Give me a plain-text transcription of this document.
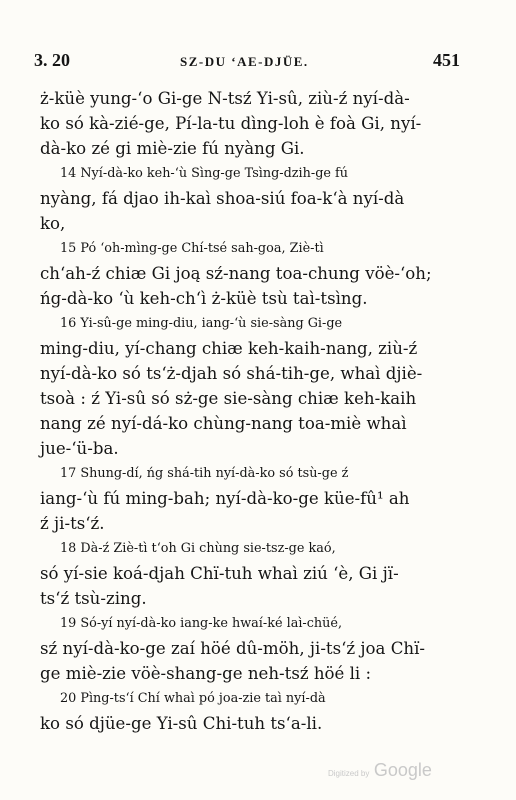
3. 20	SZ-DU ‘AE-DJÜE.	451
ż-küè yung-‘o Gi-ge N-tsź Yi-sû, ziù-ź nyí-dà-
ko só kà-zié-ge, Pí-la-tu dìng-loh è foà Gi, nyí-
dà-ko zé gi miè-zie fú nyàng Gi.
14 Nyí-dà-ko keh-‘ù Sìng-ge Tsìng-dzih-ge fú
nyàng, fá djao ih-kaì shoa-siú foa-k‘à nyí-dà
ko,
15 Pó ‘oh-mìng-ge Chí-tsé sah-goa, Ziè-tì
ch‘ah-ź chiæ Gi joą sź-nang toa-chung vöè-‘oh;
ńg-dà-ko ‘ù keh-ch‘ì ż-küè tsù taì-tsìng.
16 Yi-sû-ge ming-diu, iang-‘ù sie-sàng Gi-ge
ming-diu, yí-chang chiæ keh-kaih-nang, ziù-ź
nyí-dà-ko só ts‘ż-djah só shá-tih-ge, whaì djiè-
tsoà : ź Yi-sû só sż-ge sie-sàng chiæ keh-kaih
nang zé nyí-dá-ko chùng-nang toa-miè whaì
jue-‘ü-ba.
17 Shung-dí, ńg shá-tih nyí-dà-ko só tsù-ge ź
iang-‘ù fú ming-bah; nyí-dà-ko-ge küe-fû¹ ah
ź ji-ts‘ź.
18 Dà-ź Ziè-tì t‘oh Gi chùng sie-tsz-ge kaó,
só yí-sie koá-djah Chï-tuh whaì ziú ‘è, Gi jï-
ts‘ź tsù-zing.
19 Só-yí nyí-dà-ko iang-ke hwaí-ké laì-chüé,
sź nyí-dà-ko-ge zaí höé dû-möh, ji-ts‘ź joa Chï-
ge miè-zie vöè-shang-ge neh-tsź höé li :
20 Pìng-ts‘í Chí whaì pó joa-zie taì nyí-dà
ko só djüe-ge Yi-sû Chi-tuh ts‘a-li.
Digitized by Google
